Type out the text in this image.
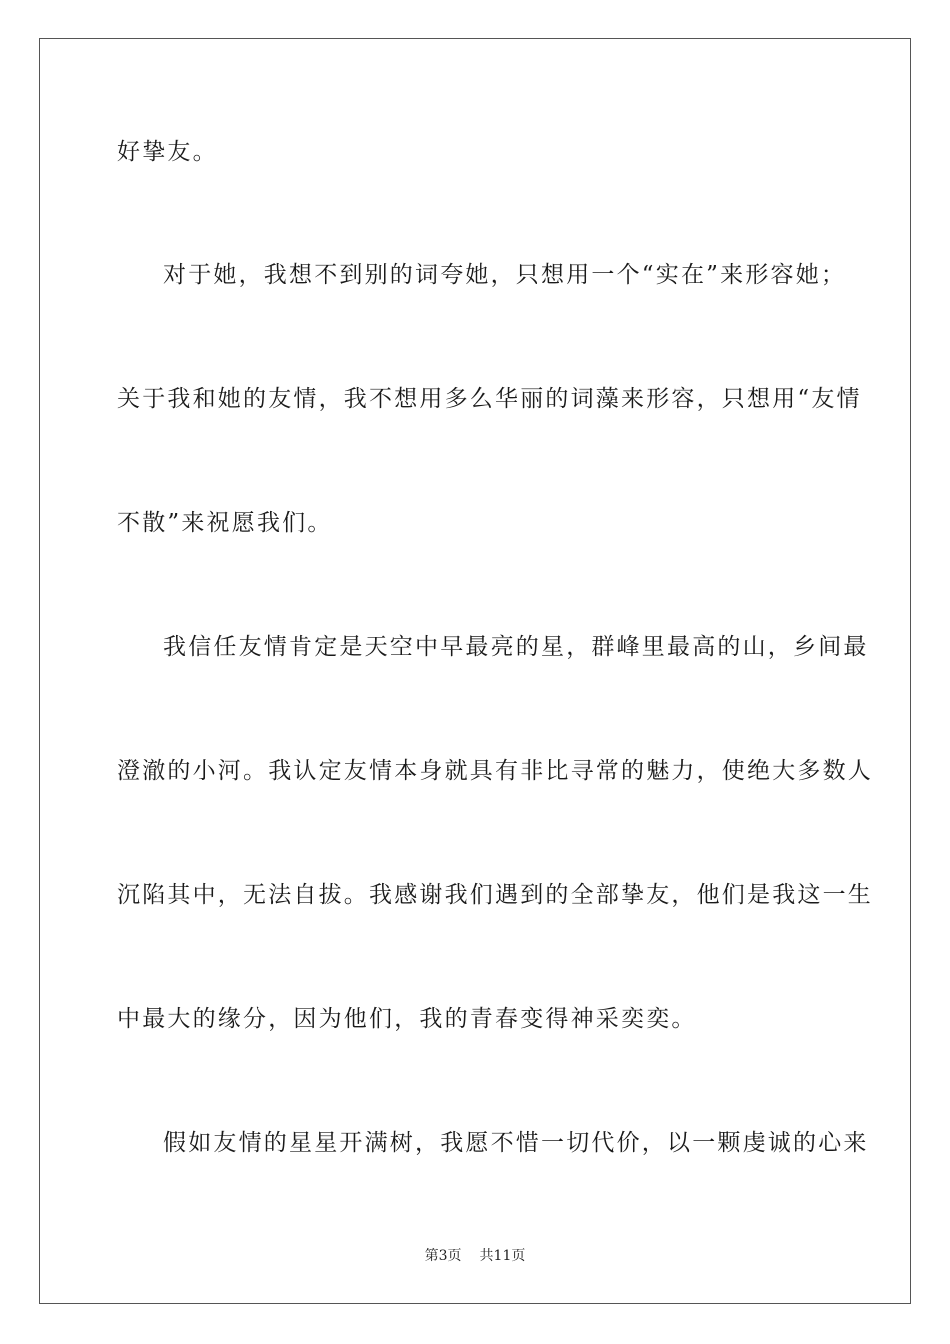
好挚友。
对于她，我想不到别的词夸她，只想用一个“实在”来形容她；
关于我和她的友情，我不想用多么华丽的词藻来形容，只想用“友情
不散”来祝愿我们。
我信任友情肯定是天空中早最亮的星，群峰里最高的山，乡间最
澄澈的小河。我认定友情本身就具有非比寻常的魅力，使绝大多数人
沉陷其中，无法自拔。我感谢我们遇到的全部挚友，他们是我这一生
中最大的缘分，因为他们，我的青春变得神采奕奕。
假如友情的星星开满树，我愿不惜一切代价，以一颗虔诚的心来
第3页 共11页
